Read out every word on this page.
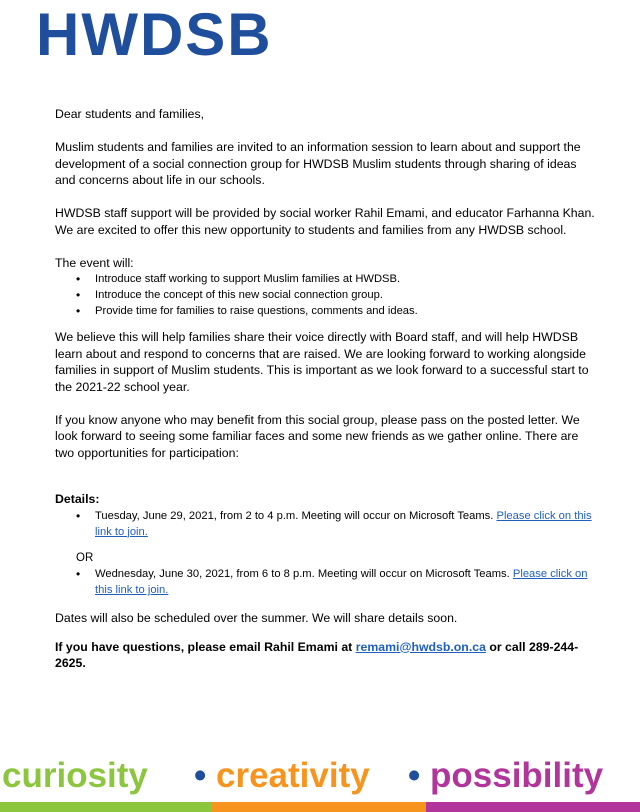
HWDSB

Dear students and families,

Muslim students and families are invited to an information session to learn about and support the development of a social connection group for HWDSB Muslim students through sharing of ideas and concerns about life in our schools.

HWDSB staff support will be provided by social worker Rahil Emami, and educator Farhanna Khan. We are excited to offer this new opportunity to students and families from any HWDSB school.

The event will:

• Introduce staff working to support Muslim families at HWDSB.
• Introduce the concept of this new social connection group.
• Provide time for families to raise questions, comments and ideas.

We believe this will help families share their voice directly with Board staff, and will help HWDSB learn about and respond to concerns that are raised. We are looking forward to working alongside families in support of Muslim students. This is important as we look forward to a successful start to the 2021-22 school year.

If you know anyone who may benefit from this social group, please pass on the posted letter. We look forward to seeing some familiar faces and some new friends as we gather online. There are two opportunities for participation:

Details:

• Tuesday, June 29, 2021, from 2 to 4 p.m. Meeting will occur on Microsoft Teams. Please click on this link to join.

OR

• Wednesday, June 30, 2021, from 6 to 8 p.m. Meeting will occur on Microsoft Teams. Please click on this link to join.

Dates will also be scheduled over the summer. We will share details soon.

If you have questions, please email Rahil Emami at remami@hwdsb.on.ca or call 289-244-2625.

curiosity • creativity • possibility
